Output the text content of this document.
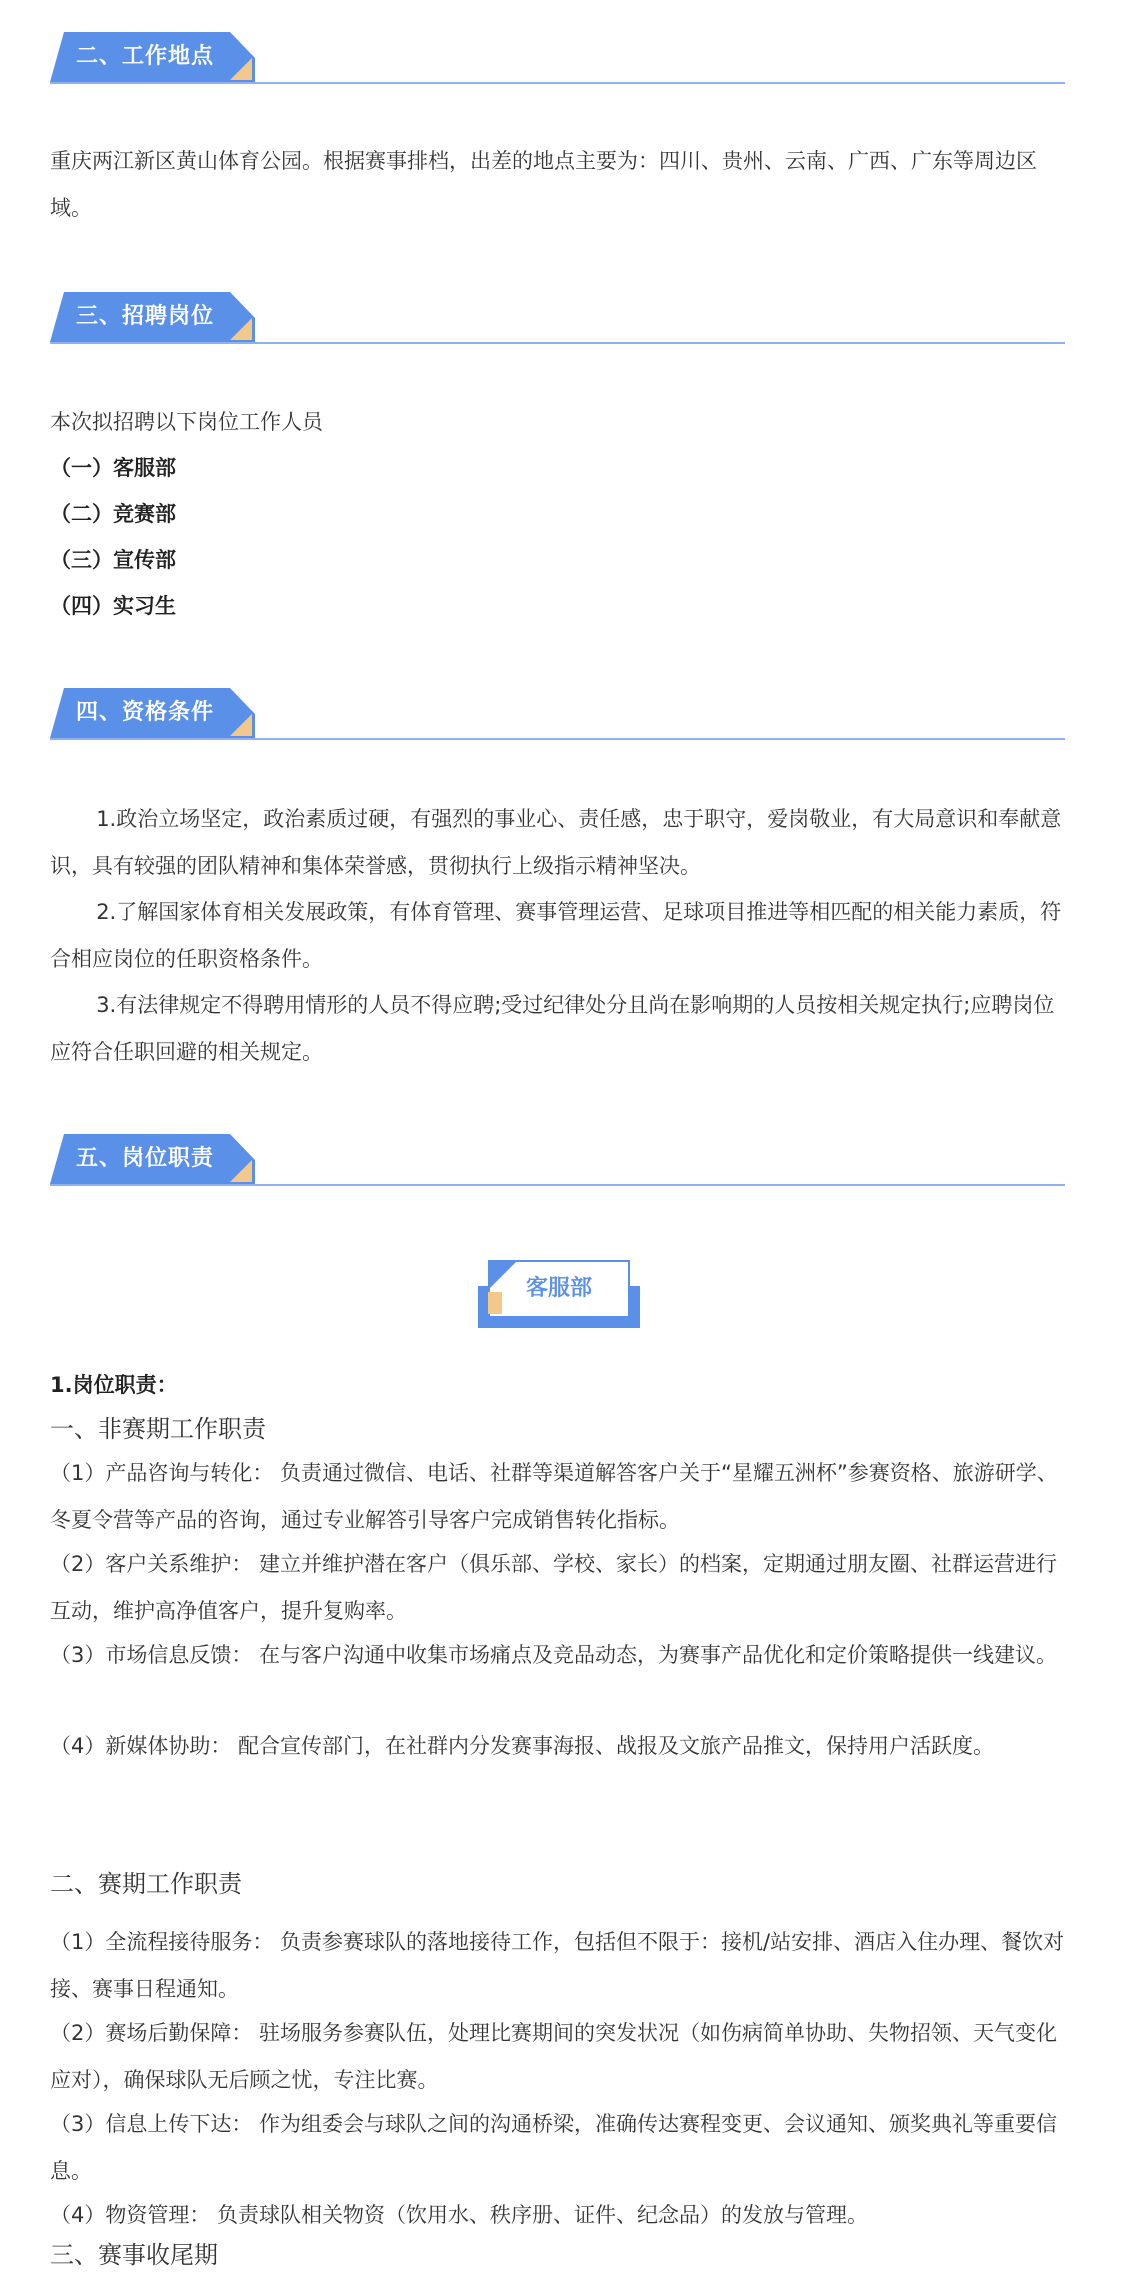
二、工作地点

重庆两江新区黄山体育公园。根据赛事排档，出差的地点主要为：四川、贵州、云南、广西、广东等周边区域。

三、招聘岗位
本次拟招聘以下岗位工作人员
（一）客服部
（二）竞赛部
（三）宣传部
（四）实习生
四、资格条件

1.政治立场坚定，政治素质过硬，有强烈的事业心、责任感，忠于职守，爱岗敬业，有大局意识和奉献意识，具有较强的团队精神和集体荣誉感，贯彻执行上级指示精神坚决。

2.了解国家体育相关发展政策，有体育管理、赛事管理运营、足球项目推进等相匹配的相关能力素质，符合相应岗位的任职资格条件。

3.有法律规定不得聘用情形的人员不得应聘;受过纪律处分且尚在影响期的人员按相关规定执行;应聘岗位应符合任职回避的相关规定。

五、岗位职责
客服部
1.岗位职责：
一、非赛期工作职责

（1）产品咨询与转化： 负责通过微信、电话、社群等渠道解答客户关于“星耀五洲杯”参赛资格、旅游研学、冬夏令营等产品的咨询，通过专业解答引导客户完成销售转化指标。

（2）客户关系维护： 建立并维护潜在客户（俱乐部、学校、家长）的档案，定期通过朋友圈、社群运营进行互动，维护高净值客户，提升复购率。

（3）市场信息反馈： 在与客户沟通中收集市场痛点及竞品动态，为赛事产品优化和定价策略提供一线建议。

（4）新媒体协助： 配合宣传部门，在社群内分发赛事海报、战报及文旅产品推文，保持用户活跃度。

二、赛期工作职责

（1）全流程接待服务： 负责参赛球队的落地接待工作，包括但不限于：接机/站安排、酒店入住办理、餐饮对接、赛事日程通知。

（2）赛场后勤保障： 驻场服务参赛队伍，处理比赛期间的突发状况（如伤病简单协助、失物招领、天气变化应对），确保球队无后顾之忧，专注比赛。

（3）信息上传下达： 作为组委会与球队之间的沟通桥梁，准确传达赛程变更、会议通知、颁奖典礼等重要信息。

（4）物资管理： 负责球队相关物资（饮用水、秩序册、证件、纪念品）的发放与管理。
三、赛事收尾期
